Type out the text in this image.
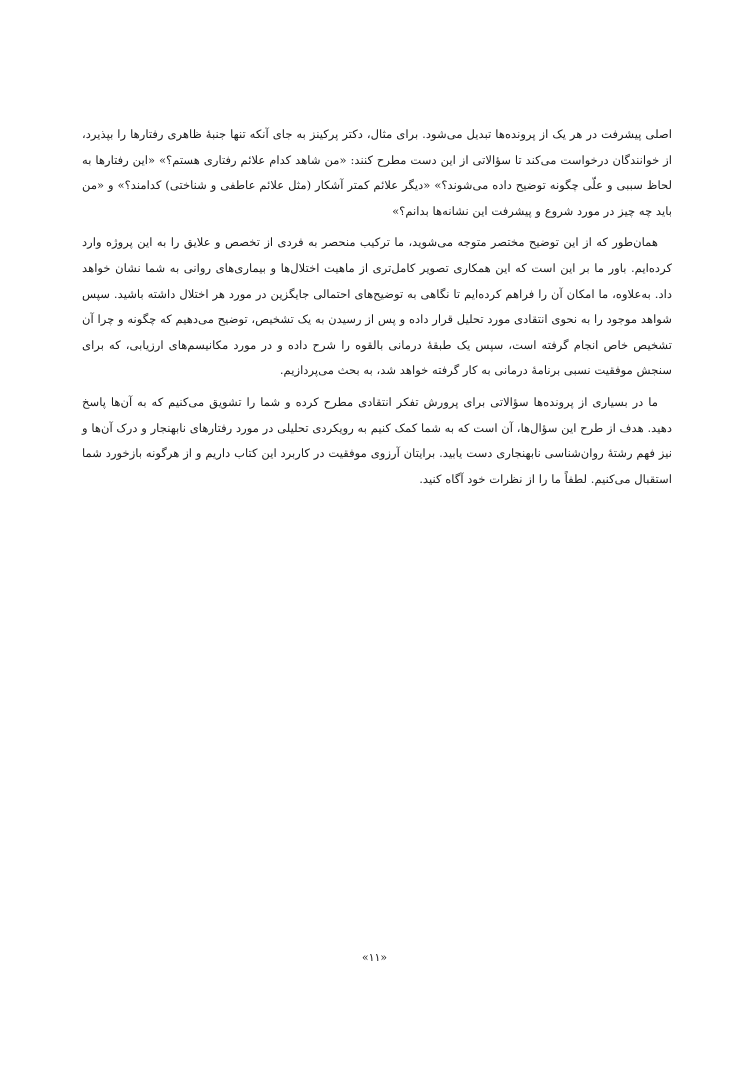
اصلی پیشرفت در هر یک از پرونده‌ها تبدیل می‌شود. برای مثال، دکتر پرکینز به جای آنکه تنها جنبهٔ ظاهری رفتارها را بپذیرد، از خوانندگان درخواست می‌کند تا سؤالاتی از این دست مطرح کنند: «من شاهد کدام علائم رفتاری هستم؟» «این رفتارها به لحاظ سببی و علّی چگونه توضیح داده می‌شوند؟» «دیگر علائم کمتر آشکار (مثل علائم عاطفی و شناختی) کدامند؟» و «من باید چه چیز در مورد شروع و پیشرفت این نشانه‌ها بدانم؟»

همان‌طور که از این توضیح مختصر متوجه می‌شوید، ما ترکیب منحصر به فردی از تخصص و علایق را به این پروژه وارد کرده‌ایم. باور ما بر این است که این همکاری تصویر کامل‌تری از ماهیت اختلال‌ها و بیماری‌های روانی به شما نشان خواهد داد. به‌علاوه، ما امکان آن را فراهم کرده‌ایم تا نگاهی به توضیح‌های احتمالی جایگزین در مورد هر اختلال داشته باشید. سپس شواهد موجود را به نحوی انتقادی مورد تحلیل قرار داده و پس از رسیدن به یک تشخیص، توضیح می‌دهیم که چگونه و چرا آن تشخیص خاص انجام گرفته است، سپس یک طبقهٔ درمانی بالقوه را شرح داده و در مورد مکانیسم‌های ارزیابی، که برای سنجش موفقیت نسبی برنامهٔ درمانی به کار گرفته خواهد شد، به بحث می‌پردازیم.

ما در بسیاری از پرونده‌ها سؤالاتی برای پرورش تفکر انتقادی مطرح کرده و شما را تشویق می‌کنیم که به آن‌ها پاسخ دهید. هدف از طرح این سؤال‌ها، آن است که به شما کمک کنیم به رویکردی تحلیلی در مورد رفتارهای نابهنجار و درک آن‌ها و نیز فهم رشتهٔ روان‌شناسی نابهنجاری دست یابید. برایتان آرزوی موفقیت در کاربرد این کتاب داریم و از هرگونه بازخورد شما استقبال می‌کنیم. لطفاً ما را از نظرات خود آگاه کنید.

«۱۱»
